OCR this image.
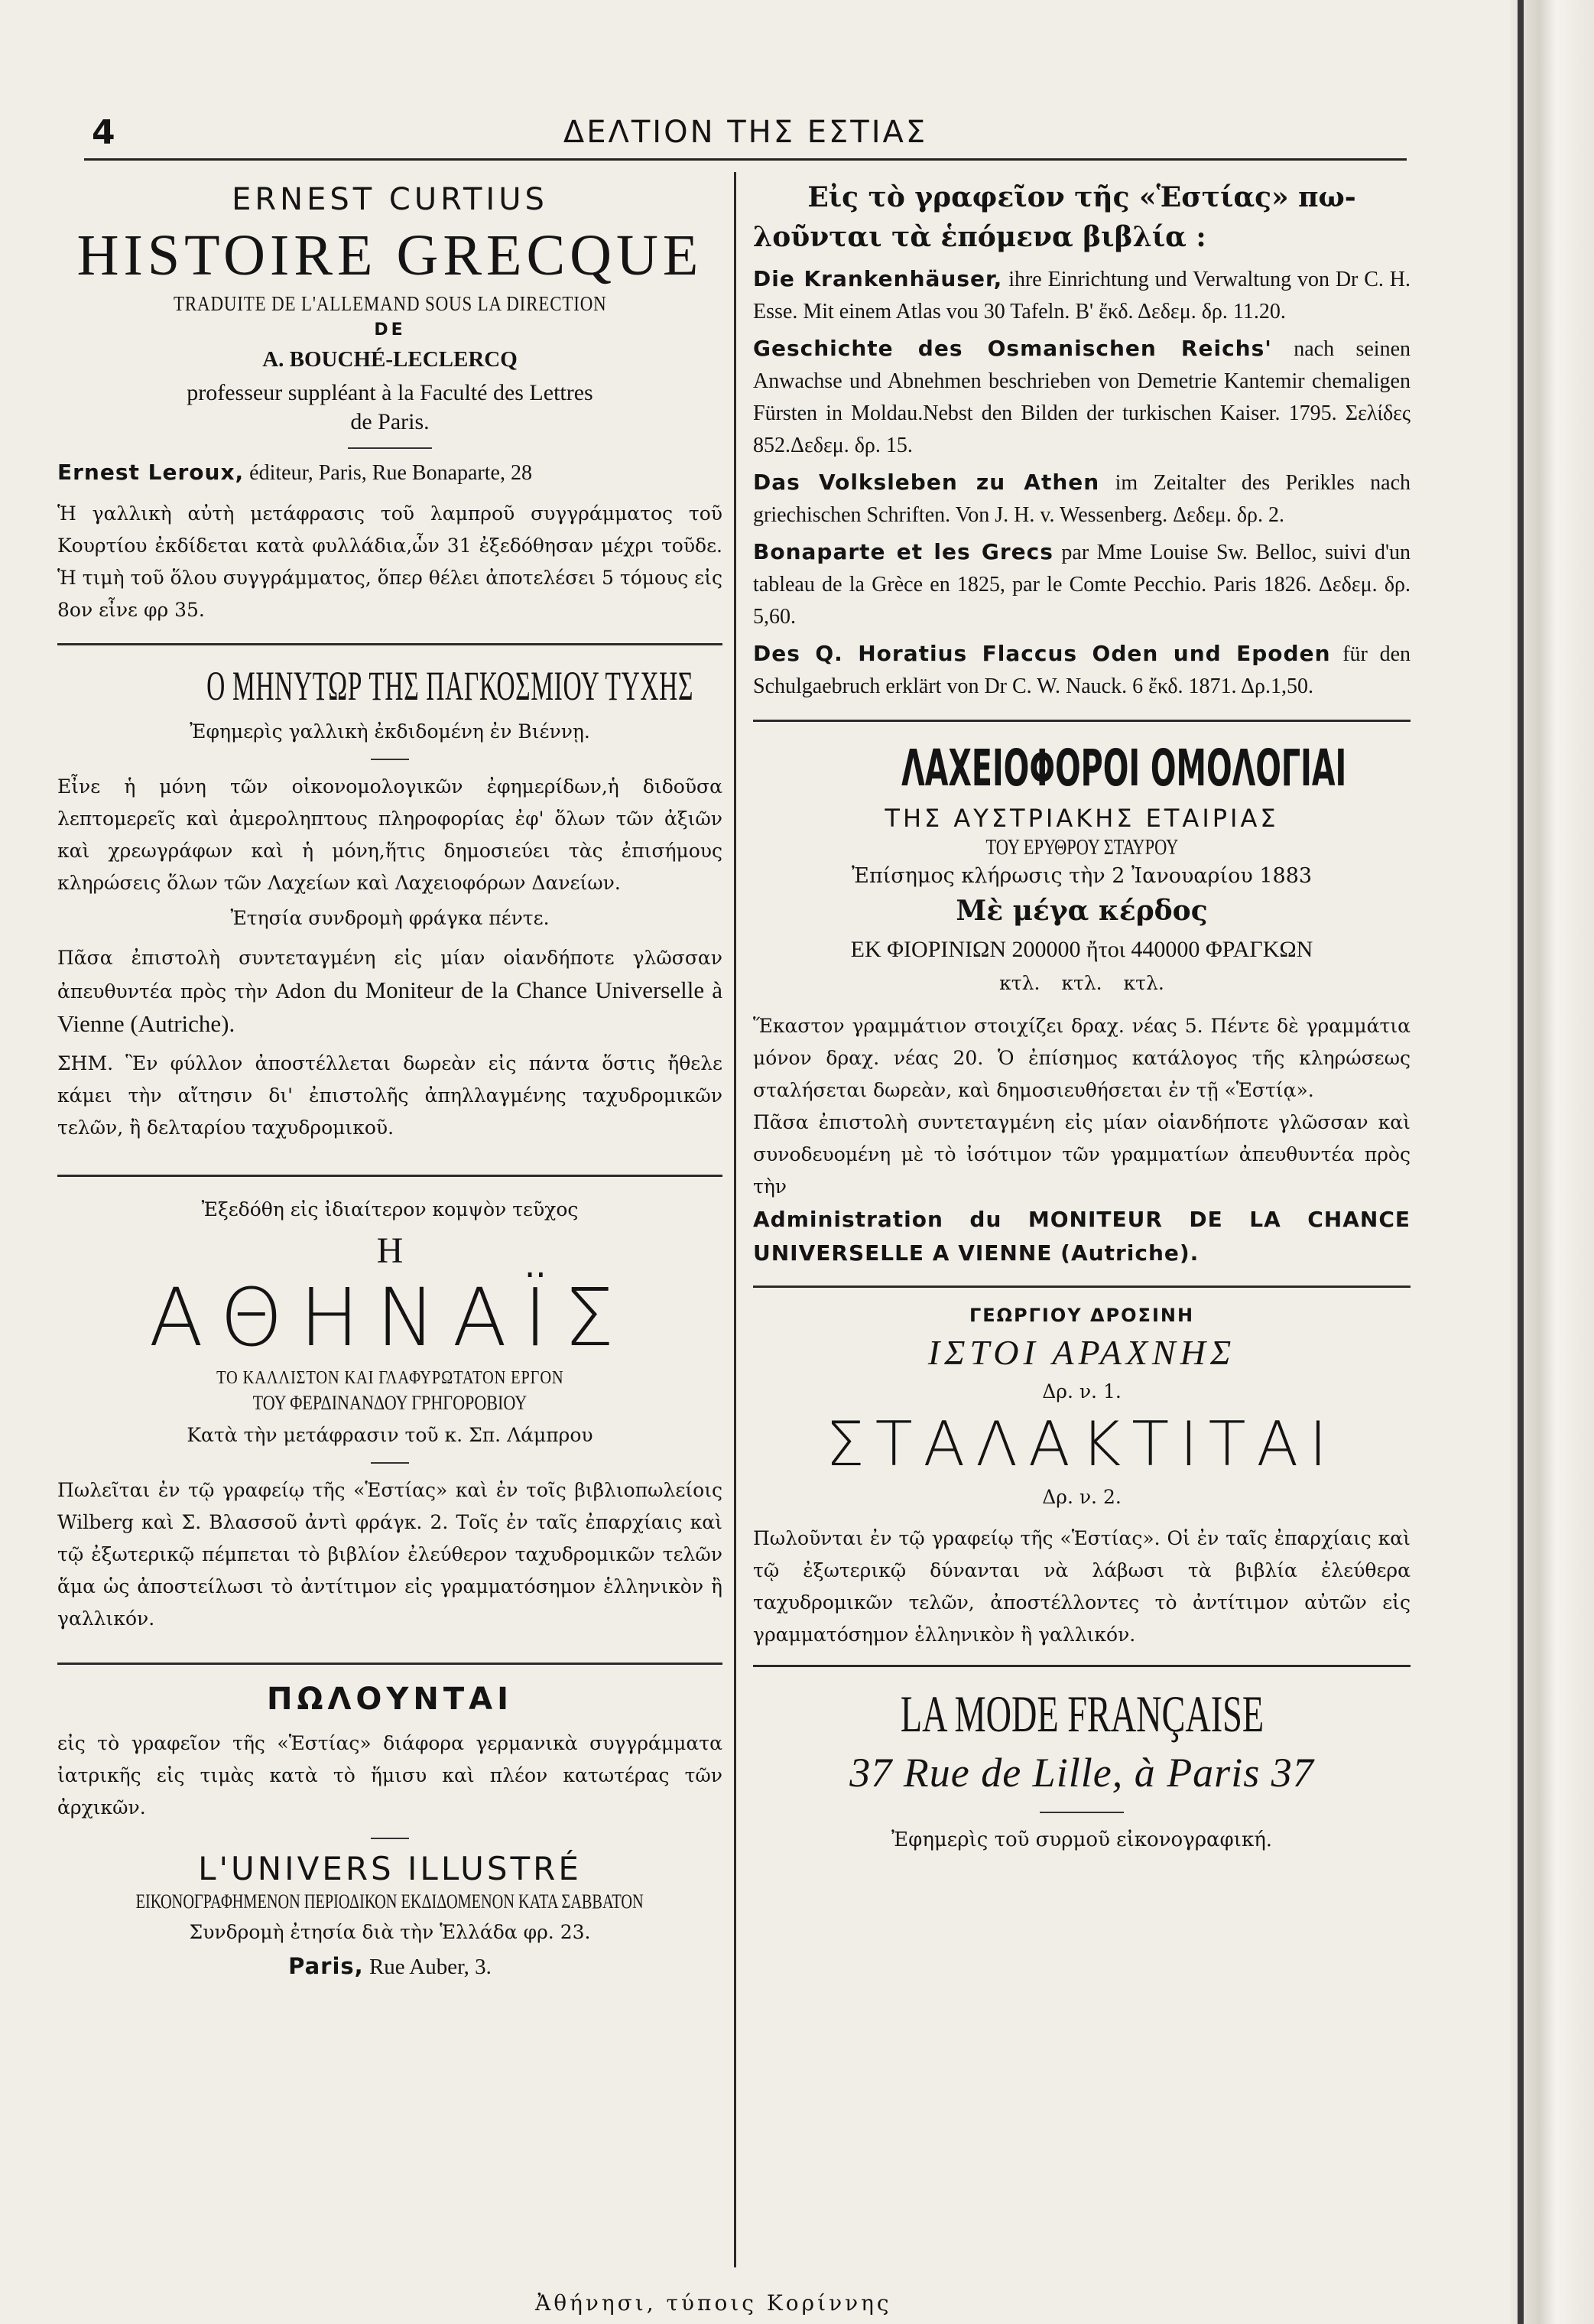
4	ΔΕΛΤΙΟΝ ΤΗΣ ΕΣΤΙΑΣ
ERNEST CURTIUS
HISTOIRE GRECQUE
TRADUITE DE L'ALLEMAND SOUS LA DIRECTION
DE
A. BOUCHÉ-LECLERCQ
professeur suppléant à la Faculté des Lettres
de Paris.
Ernest Leroux, éditeur, Paris, Rue Bonaparte, 28

Ἡ γαλλικὴ αὐτὴ μετάφρασις τοῦ λαμπροῦ συγγράμματος τοῦ Κουρτίου ἐκδίδεται κατὰ φυλλάδια,ὧν 31 ἐξεδόθησαν μέχρι τοῦδε. Ἡ τιμὴ τοῦ ὅλου συγγράμματος, ὅπερ θέλει ἀποτελέσει 5 τόμους εἰς 8ον εἶνε φρ 35.

Ο ΜΗΝΥΤΩΡ ΤΗΣ ΠΑΓΚΟΣΜΙΟΥ ΤΥΧΗΣ
Ἐφημερὶς γαλλικὴ ἐκδιδομένη ἐν Βιέννῃ.

Εἶνε ἡ μόνη τῶν οἰκονομολογικῶν ἐφημερίδων,ἡ διδοῦσα λεπτομερεῖς καὶ ἀμεροληπτους πληροφορίας ἐφ' ὅλων τῶν ἀξιῶν καὶ χρεωγράφων καὶ ἡ μόνη,ἥτις δημοσιεύει τὰς ἐπισήμους κληρώσεις ὅλων τῶν Λαχείων καὶ Λαχειοφόρων Δανείων.

Ἐτησία συνδρομὴ φράγκα πέντε.

Πᾶσα ἐπιστολὴ συντεταγμένη εἰς μίαν οἱανδήποτε γλῶσσαν ἀπευθυντέα πρὸς τὴν Adon du Moniteur de la Chance Universelle à Vienne (Autriche).

ΣΗΜ. Ἓν φύλλον ἀποστέλλεται δωρεὰν εἰς πάντα ὅστις ἤθελε κάμει τὴν αἴτησιν δι' ἐπιστολῆς ἀπηλλαγμένης ταχυδρομικῶν τελῶν, ἢ δελταρίου ταχυδρομικοῦ.

Ἐξεδόθη εἰς ἰδιαίτερον κομψὸν τεῦχος
Η
ΑΘΗΝΑΪΣ
ΤΟ ΚΑΛΛΙΣΤΟΝ ΚΑΙ ΓΛΑΦΥΡΩΤΑΤΟΝ ΕΡΓΟΝ
ΤΟΥ ΦΕΡΔΙΝΑΝΔΟΥ ΓΡΗΓΟΡΟΒΙΟΥ
Κατὰ τὴν μετάφρασιν τοῦ κ. Σπ. Λάμπρου

Πωλεῖται ἐν τῷ γραφείῳ τῆς «Ἑστίας» καὶ ἐν τοῖς βιβλιοπωλείοις Wilberg καὶ Σ. Βλασσοῦ ἀντὶ φράγκ. 2. Τοῖς ἐν ταῖς ἐπαρχίαις καὶ τῷ ἐξωτερικῷ πέμπεται τὸ βιβλίον ἐλεύθερον ταχυδρομικῶν τελῶν ἅμα ὡς ἀποστείλωσι τὸ ἀντίτιμον εἰς γραμματόσημον ἑλληνικὸν ἢ γαλλικόν.

ΠΩΛΟΥΝΤΑΙ

εἰς τὸ γραφεῖον τῆς «Ἑστίας» διάφορα γερμανικὰ συγγράμματα ἰατρικῆς εἰς τιμὰς κατὰ τὸ ἥμισυ καὶ πλέον κατωτέρας τῶν ἀρχικῶν.

L'UNIVERS ILLUSTRÉ
ΕΙΚΟΝΟΓΡΑΦΗΜΕΝΟΝ ΠΕΡΙΟΔΙΚΟΝ ΕΚΔΙΔΟΜΕΝΟΝ ΚΑΤΑ ΣΑΒΒΑΤΟΝ
Συνδρομὴ ἐτησία διὰ τὴν Ἑλλάδα φρ. 23.
Paris, Rue Auber, 3.
Εἰς τὸ γραφεῖον τῆς «Ἑστίας» πω-
λοῦνται τὰ ἑπόμενα βιβλία :

Die Krankenhäuser, ihre Einrichtung und Verwaltung von Dr C. H. Esse. Mit einem Atlas vou 30 Tafeln. Β' ἔκδ. Δεδεμ. δρ. 11.20.

Geschichte des Osmanischen Reichs' nach seinen Anwachse und Abnehmen beschrieben von Demetrie Kantemir chemaligen Fürsten in Moldau.Nebst den Bilden der turkischen Kaiser. 1795. Σελίδες 852.Δεδεμ. δρ. 15.

Das Volksleben zu Athen im Zeitalter des Perikles nach griechischen Schriften. Von J. H. v. Wessenberg. Δεδεμ. δρ. 2.

Bonaparte et les Grecs par Mme Louise Sw. Belloc, suivi d'un tableau de la Grèce en 1825, par le Comte Pecchio. Paris 1826. Δεδεμ. δρ. 5,60.

Des Q. Horatius Flaccus Oden und Epoden für den Schulgaebruch erklärt von Dr C. W. Nauck. 6 ἔκδ. 1871. Δρ.1,50.

ΛΑΧΕΙΟΦΟΡΟΙ ΟΜΟΛΟΓΙΑΙ
ΤΗΣ ΑΥΣΤΡΙΑΚΗΣ ΕΤΑΙΡΙΑΣ
ΤΟΥ ΕΡΥΘΡΟΥ ΣΤΑΥΡΟΥ
Ἐπίσημος κλήρωσις τὴν 2 Ἰανουαρίου 1883
Μὲ μέγα κέρδος
ΕΚ ΦΙΟΡΙΝΙΩΝ 200000 ἤτοι 440000 ΦΡΑΓΚΩΝ
κτλ. κτλ. κτλ.

Ἕκαστον γραμμάτιον στοιχίζει δραχ. νέας 5. Πέντε δὲ γραμμάτια μόνον δραχ. νέας 20. Ὁ ἐπίσημος κατάλογος τῆς κληρώσεως σταλήσεται δωρεὰν, καὶ δημοσιευθήσεται ἐν τῇ «Ἑστίᾳ».

Πᾶσα ἐπιστολὴ συντεταγμένη εἰς μίαν οἱανδήποτε γλῶσσαν καὶ συνοδευομένη μὲ τὸ ἰσότιμον τῶν γραμματίων ἀπευθυντέα πρὸς τὴν

Administration du MONITEUR DE LA CHANCE UNIVERSELLE A VIENNE (Autriche).

ΓΕΩΡΓΙΟΥ ΔΡΟΣΙΝΗ
ΙΣΤΟΙ ΑΡΑΧΝΗΣ
Δρ. ν. 1.
ΣΤΑΛΑΚΤΙΤΑΙ
Δρ. ν. 2.

Πωλοῦνται ἐν τῷ γραφείῳ τῆς «Ἑστίας». Οἱ ἐν ταῖς ἐπαρχίαις καὶ τῷ ἐξωτερικῷ δύνανται νὰ λάβωσι τὰ βιβλία ἐλεύθερα ταχυδρομικῶν τελῶν, ἀποστέλλοντες τὸ ἀντίτιμον αὐτῶν εἰς γραμματόσημον ἑλληνικὸν ἢ γαλλικόν.

LA MODE FRANÇAISE
37 Rue de Lille, à Paris 37
Ἐφημερὶς τοῦ συρμοῦ εἰκονογραφική.
Ἀθήνησι, τύποις Κορίννης
